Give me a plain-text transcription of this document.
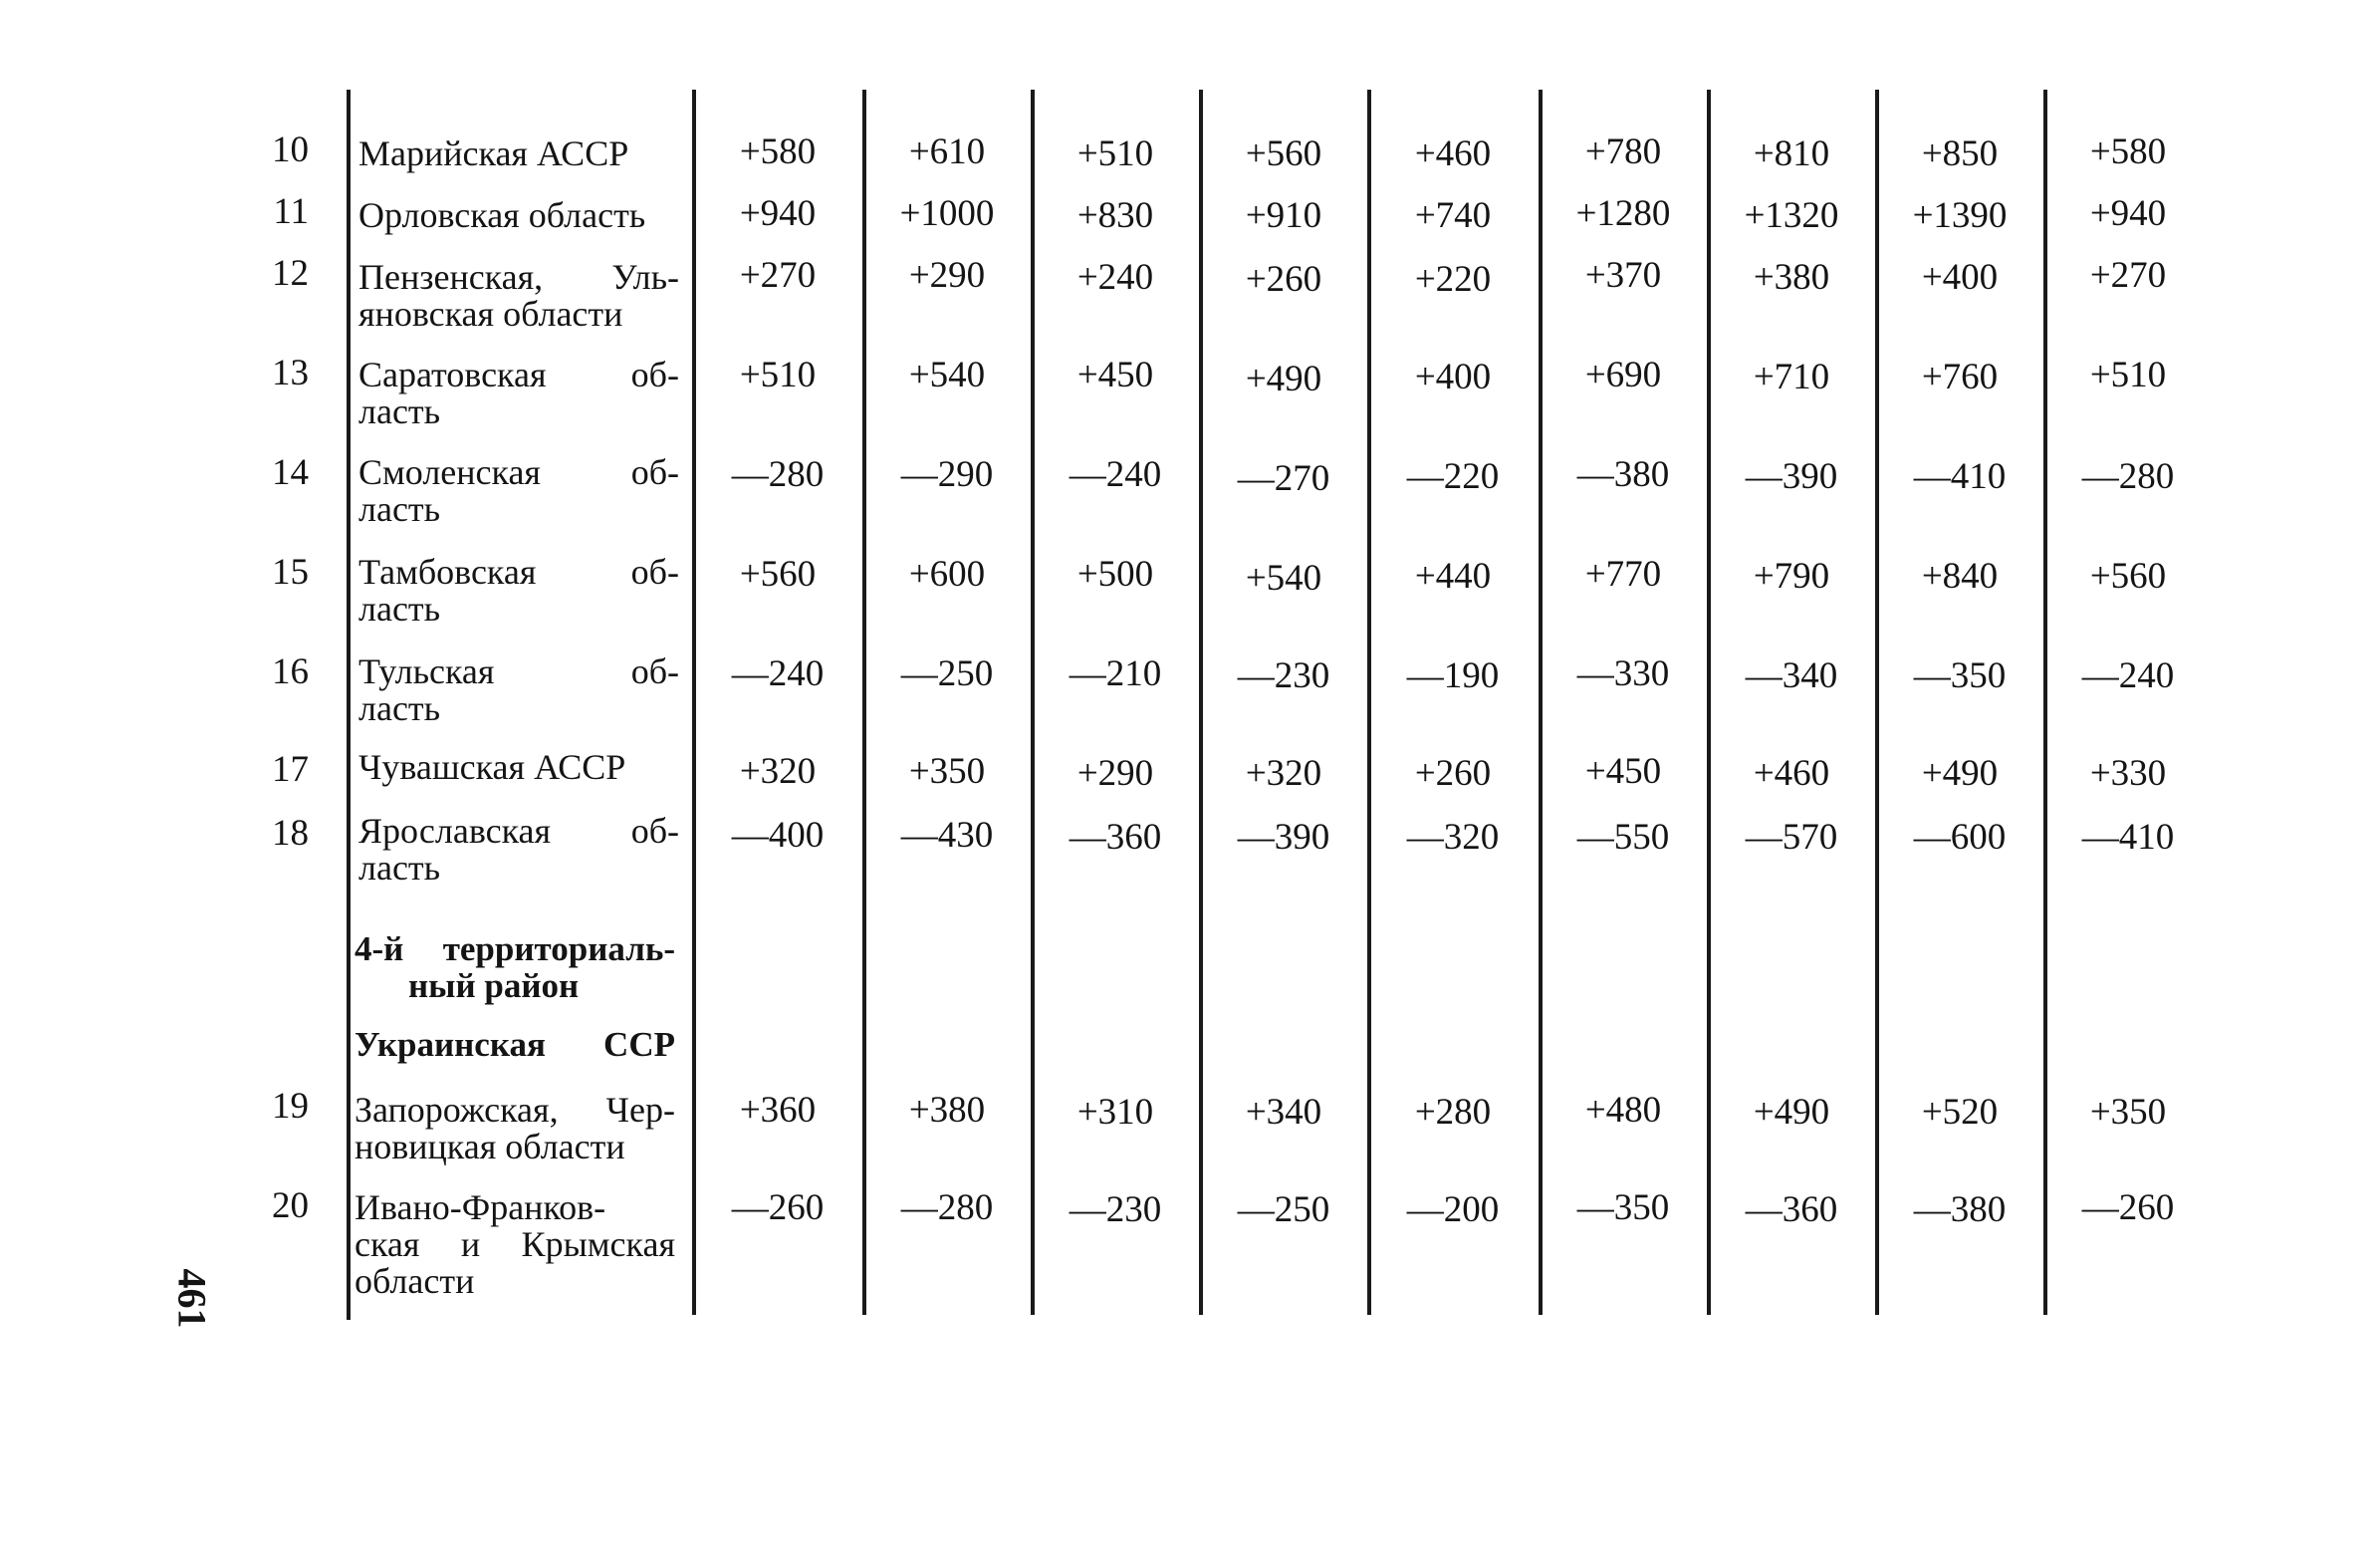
10 Марийская АССР	+580	+610	+510	+560	+460	+780	+810	+850	+580
11 Орловская область	+940	+1000	+830	+910	+740	+1280	+1320	+1390	+940
12 Пензенская, Уль-
яновская области
+270	+290	+240	+260	+220	+370	+380	+400	+270
13 Саратовская об-
ласть
+510	+540	+450	+490	+400	+690	+710	+760	+510
14 Смоленская об-
ласть
—280	—290	—240	—270	—220	—380	—390	—410	—280
15 Тамбовская об-
ласть
+560	+600	+500	+540	+440	+770	+790	+840	+560
16 Тульская об-
ласть
—240	—250	—210	—230	—190	—330	—340	—350	—240
17 Чувашская АССР	+320	+350	+290	+320	+260	+450	+460	+490	+330
18 Ярославская об-
ласть
—400	—430	—360	—390	—320	—550	—570	—600	—410
4-й территориаль-
ный район
Украинская ССР
19 Запорожская, Чер-
новицкая области
+360	+380	+310	+340	+280	+480	+490	+520	+350
20 Ивано-Франков-
ская и Крымская
области
—260	—280	—230	—250	—200	—350	—360	—380	—260
461
